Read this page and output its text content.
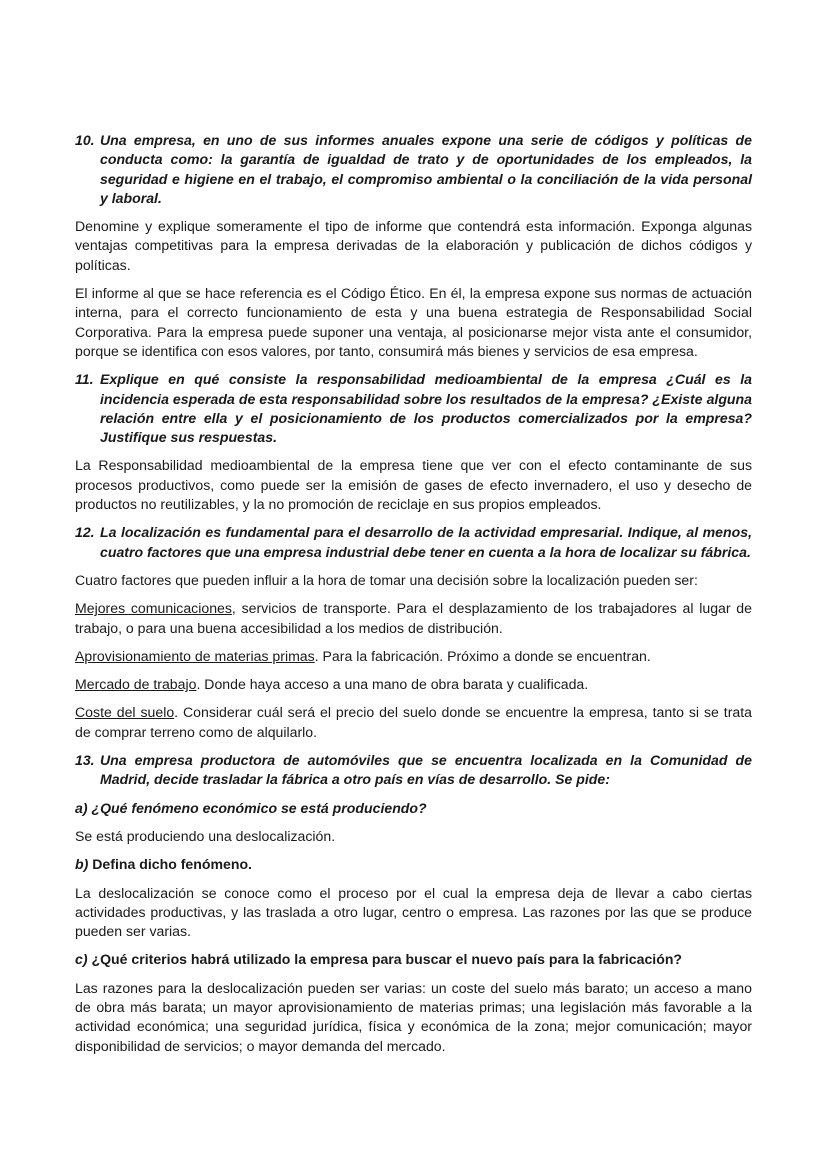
10. Una empresa, en uno de sus informes anuales expone una serie de códigos y políticas de conducta como: la garantía de igualdad de trato y de oportunidades de los empleados, la seguridad e higiene en el trabajo, el compromiso ambiental o la conciliación de la vida personal y laboral.

Denomine y explique someramente el tipo de informe que contendrá esta información. Exponga algunas ventajas competitivas para la empresa derivadas de la elaboración y publicación de dichos códigos y políticas.

El informe al que se hace referencia es el Código Ético. En él, la empresa expone sus normas de actuación interna, para el correcto funcionamiento de esta y una buena estrategia de Responsabilidad Social Corporativa. Para la empresa puede suponer una ventaja, al posicionarse mejor vista ante el consumidor, porque se identifica con esos valores, por tanto, consumirá más bienes y servicios de esa empresa.

11. Explique en qué consiste la responsabilidad medioambiental de la empresa ¿Cuál es la incidencia esperada de esta responsabilidad sobre los resultados de la empresa? ¿Existe alguna relación entre ella y el posicionamiento de los productos comercializados por la empresa? Justifique sus respuestas.

La Responsabilidad medioambiental de la empresa tiene que ver con el efecto contaminante de sus procesos productivos, como puede ser la emisión de gases de efecto invernadero, el uso y desecho de productos no reutilizables, y la no promoción de reciclaje en sus propios empleados.

12. La localización es fundamental para el desarrollo de la actividad empresarial. Indique, al menos, cuatro factores que una empresa industrial debe tener en cuenta a la hora de localizar su fábrica.

Cuatro factores que pueden influir a la hora de tomar una decisión sobre la localización pueden ser:

Mejores comunicaciones, servicios de transporte. Para el desplazamiento de los trabajadores al lugar de trabajo, o para una buena accesibilidad a los medios de distribución.

Aprovisionamiento de materias primas. Para la fabricación. Próximo a donde se encuentran.

Mercado de trabajo. Donde haya acceso a una mano de obra barata y cualificada.

Coste del suelo. Considerar cuál será el precio del suelo donde se encuentre la empresa, tanto si se trata de comprar terreno como de alquilarlo.

13. Una empresa productora de automóviles que se encuentra localizada en la Comunidad de Madrid, decide trasladar la fábrica a otro país en vías de desarrollo. Se pide:
a) ¿Qué fenómeno económico se está produciendo?

Se está produciendo una deslocalización.

b) Defina dicho fenómeno.

La deslocalización se conoce como el proceso por el cual la empresa deja de llevar a cabo ciertas actividades productivas, y las traslada a otro lugar, centro o empresa. Las razones por las que se produce pueden ser varias.

c) ¿Qué criterios habrá utilizado la empresa para buscar el nuevo país para la fabricación?

Las razones para la deslocalización pueden ser varias: un coste del suelo más barato; un acceso a mano de obra más barata; un mayor aprovisionamiento de materias primas; una legislación más favorable a la actividad económica; una seguridad jurídica, física y económica de la zona; mejor comunicación; mayor disponibilidad de servicios; o mayor demanda del mercado.
